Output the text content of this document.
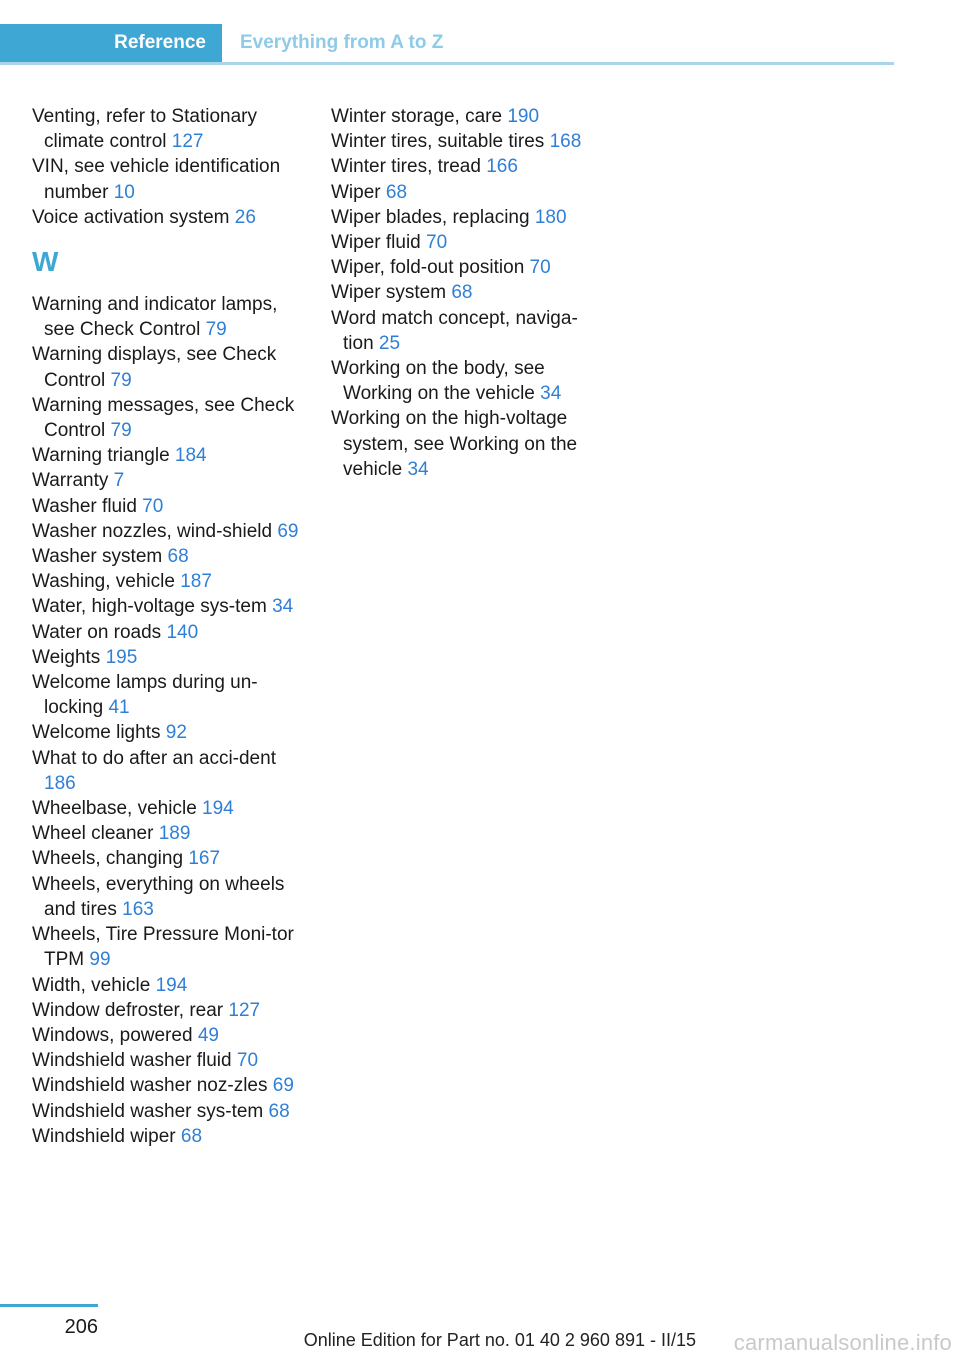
Reference	Everything from A to Z

Venting, refer to Stationary climate control 127

VIN, see vehicle identification number 10

Voice activation system 26

W

Warning and indicator lamps, see Check Control 79

Warning displays, see Check Control 79

Warning messages, see Check Control 79

Warning triangle 184

Warranty 7

Washer fluid 70

Washer nozzles, wind-shield 69

Washer system 68

Washing, vehicle 187

Water, high-voltage sys-tem 34

Water on roads 140

Weights 195

Welcome lamps during un-locking 41

Welcome lights 92

What to do after an acci-dent 186

Wheelbase, vehicle 194

Wheel cleaner 189

Wheels, changing 167

Wheels, everything on wheels and tires 163

Wheels, Tire Pressure Moni-tor TPM 99

Width, vehicle 194

Window defroster, rear 127

Windows, powered 49

Windshield washer fluid 70

Windshield washer noz-zles 69

Windshield washer sys-tem 68

Windshield wiper 68

Winter storage, care 190

Winter tires, suitable tires 168

Winter tires, tread 166

Wiper 68

Wiper blades, replacing 180

Wiper fluid 70

Wiper, fold-out position 70

Wiper system 68

Word match concept, naviga-tion 25

Working on the body, see Working on the vehicle 34

Working on the high-voltage system, see Working on the vehicle 34

206
Online Edition for Part no. 01 40 2 960 891 - II/15 carmanualsonline.info
